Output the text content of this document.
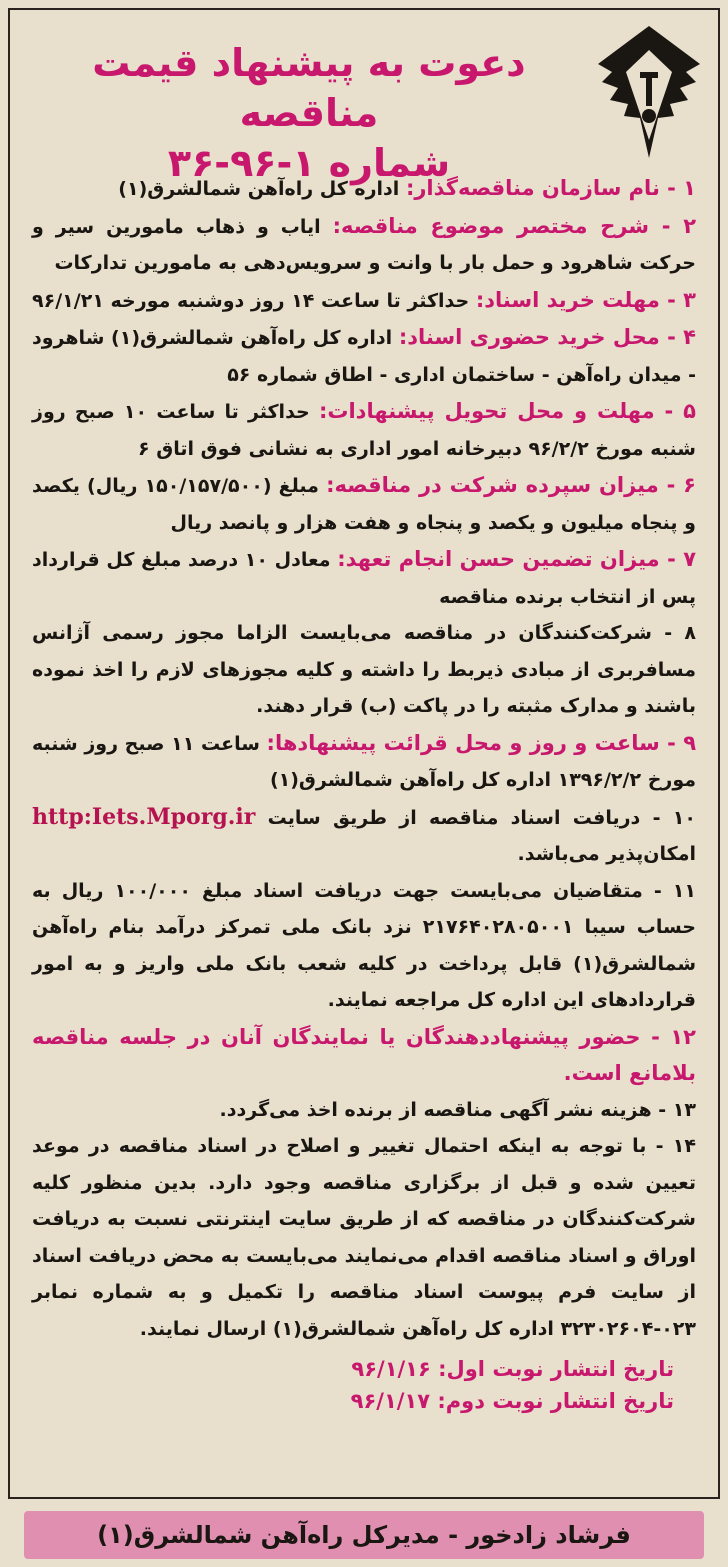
دعوت به پیشنهاد قیمت مناقصه
شماره ۱-۹۶-۳۶

۱ - نام سازمان مناقصه‌گذار: اداره کل راه‌آهن شمالشرق(۱)

۲ - شرح مختصر موضوع مناقصه: ایاب و ذهاب مامورین سیر و حرکت شاهرود و حمل بار با وانت و سرویس‌دهی به مامورین تدارکات

۳ - مهلت خرید اسناد: حداکثر تا ساعت ۱۴ روز دوشنبه مورخه ۹۶/۱/۲۱

۴ - محل خرید حضوری اسناد: اداره کل راه‌آهن شمالشرق(۱) شاهرود - میدان راه‌آهن - ساختمان اداری - اطاق شماره ۵۶

۵ - مهلت و محل تحویل پیشنهادات: حداکثر تا ساعت ۱۰ صبح روز شنبه مورخ ۹۶/۲/۲ دبیرخانه امور اداری به نشانی فوق اتاق ۶

۶ - میزان سپرده شرکت در مناقصه: مبلغ (۱۵۰/۱۵۷/۵۰۰ ریال) یکصد و پنجاه میلیون و یکصد و پنجاه و هفت هزار و پانصد ریال

۷ - میزان تضمین حسن انجام تعهد: معادل ۱۰ درصد مبلغ کل قرارداد پس از انتخاب برنده مناقصه

۸ - شرکت‌کنندگان در مناقصه می‌بایست الزاما مجوز رسمی آژانس مسافربری از مبادی ذیربط را داشته و کلیه مجوزهای لازم را اخذ نموده باشند و مدارک مثبته را در پاکت (ب) قرار دهند.

۹ - ساعت و روز و محل قرائت پیشنهادها: ساعت ۱۱ صبح روز شنبه مورخ ۱۳۹۶/۲/۲ اداره کل راه‌آهن شمالشرق(۱)

۱۰ - دریافت اسناد مناقصه از طریق سایت http:Iets.Mporg.ir امکان‌پذیر می‌باشد.

۱۱ - متقاضیان می‌بایست جهت دریافت اسناد مبلغ ۱۰۰/۰۰۰ ریال به حساب سیبا ۲۱۷۶۴۰۲۸۰۵۰۰۱ نزد بانک ملی تمرکز درآمد بنام راه‌آهن شمالشرق(۱) قابل پرداخت در کلیه شعب بانک ملی واریز و به امور قراردادهای این اداره کل مراجعه نمایند.

۱۲ - حضور پیشنهاددهندگان یا نمایندگان آنان در جلسه مناقصه بلامانع است.

۱۳ - هزینه نشر آگهی مناقصه از برنده اخذ می‌گردد.

۱۴ - با توجه به اینکه احتمال تغییر و اصلاح در اسناد مناقصه در موعد تعیین شده و قبل از برگزاری مناقصه وجود دارد. بدین منظور کلیه شرکت‌کنندگان در مناقصه که از طریق سایت اینترنتی نسبت به دریافت اوراق و اسناد مناقصه اقدام می‌نمایند می‌بایست به محض دریافت اسناد از سایت فرم پیوست اسناد مناقصه را تکمیل و به شماره نمابر ۰۲۳-۳۲۳۰۲۶۰۴ اداره کل راه‌آهن شمالشرق(۱) ارسال نمایند.

تاریخ انتشار نوبت اول: ۹۶/۱/۱۶
تاریخ انتشار نوبت دوم: ۹۶/۱/۱۷
فرشاد زادخور - مدیرکل راه‌آهن شمالشرق(۱)
